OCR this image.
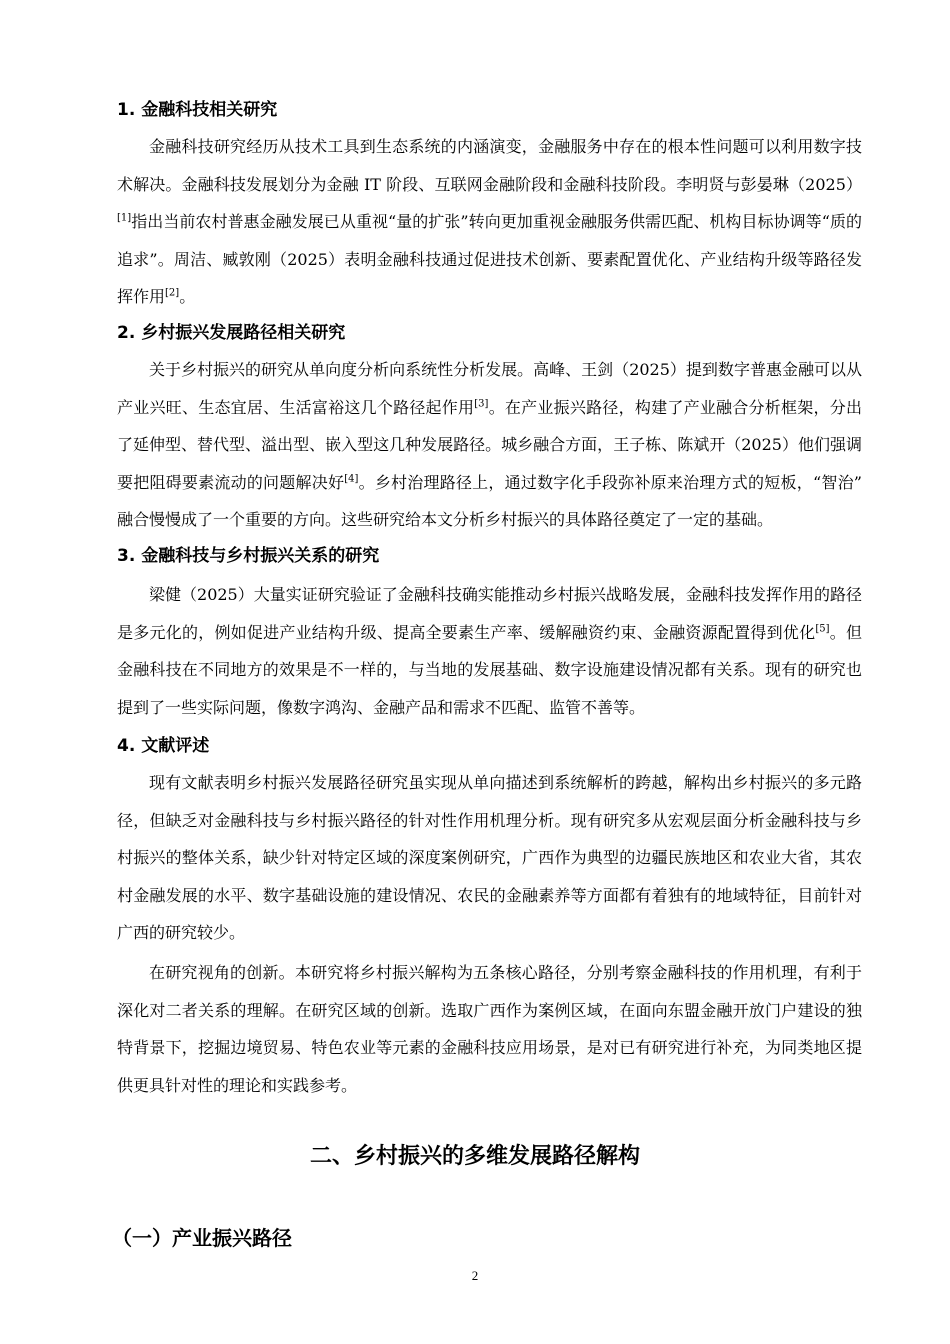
1. 金融科技相关研究

金融科技研究经历从技术工具到生态系统的内涵演变，金融服务中存在的根本性问题可以利用数字技术解决。金融科技发展划分为金融 IT 阶段、互联网金融阶段和金融科技阶段。李明贤与彭晏琳（2025）[1]指出当前农村普惠金融发展已从重视“量的扩张”转向更加重视金融服务供需匹配、机构目标协调等“质的追求”。周洁、臧敦刚（2025）表明金融科技通过促进技术创新、要素配置优化、产业结构升级等路径发挥作用[2]。

2. 乡村振兴发展路径相关研究

关于乡村振兴的研究从单向度分析向系统性分析发展。高峰、王剑（2025）提到数字普惠金融可以从产业兴旺、生态宜居、生活富裕这几个路径起作用[3]。在产业振兴路径，构建了产业融合分析框架，分出了延伸型、替代型、溢出型、嵌入型这几种发展路径。城乡融合方面，王子栋、陈斌开（2025）他们强调要把阻碍要素流动的问题解决好[4]。乡村治理路径上，通过数字化手段弥补原来治理方式的短板，“智治” 融合慢慢成了一个重要的方向。这些研究给本文分析乡村振兴的具体路径奠定了一定的基础。

3. 金融科技与乡村振兴关系的研究

梁健（2025）大量实证研究验证了金融科技确实能推动乡村振兴战略发展，金融科技发挥作用的路径是多元化的，例如促进产业结构升级、提高全要素生产率、缓解融资约束、金融资源配置得到优化[5]。但金融科技在不同地方的效果是不一样的，与当地的发展基础、数字设施建设情况都有关系。现有的研究也提到了一些实际问题，像数字鸿沟、金融产品和需求不匹配、监管不善等。

4. 文献评述

现有文献表明乡村振兴发展路径研究虽实现从单向描述到系统解析的跨越，解构出乡村振兴的多元路径，但缺乏对金融科技与乡村振兴路径的针对性作用机理分析。现有研究多从宏观层面分析金融科技与乡村振兴的整体关系，缺少针对特定区域的深度案例研究，广西作为典型的边疆民族地区和农业大省，其农村金融发展的水平、数字基础设施的建设情况、农民的金融素养等方面都有着独有的地域特征，目前针对广西的研究较少。

在研究视角的创新。本研究将乡村振兴解构为五条核心路径，分别考察金融科技的作用机理，有利于深化对二者关系的理解。在研究区域的创新。选取广西作为案例区域，在面向东盟金融开放门户建设的独特背景下，挖掘边境贸易、特色农业等元素的金融科技应用场景，是对已有研究进行补充，为同类地区提供更具针对性的理论和实践参考。

二、乡村振兴的多维发展路径解构
（一）产业振兴路径
2
